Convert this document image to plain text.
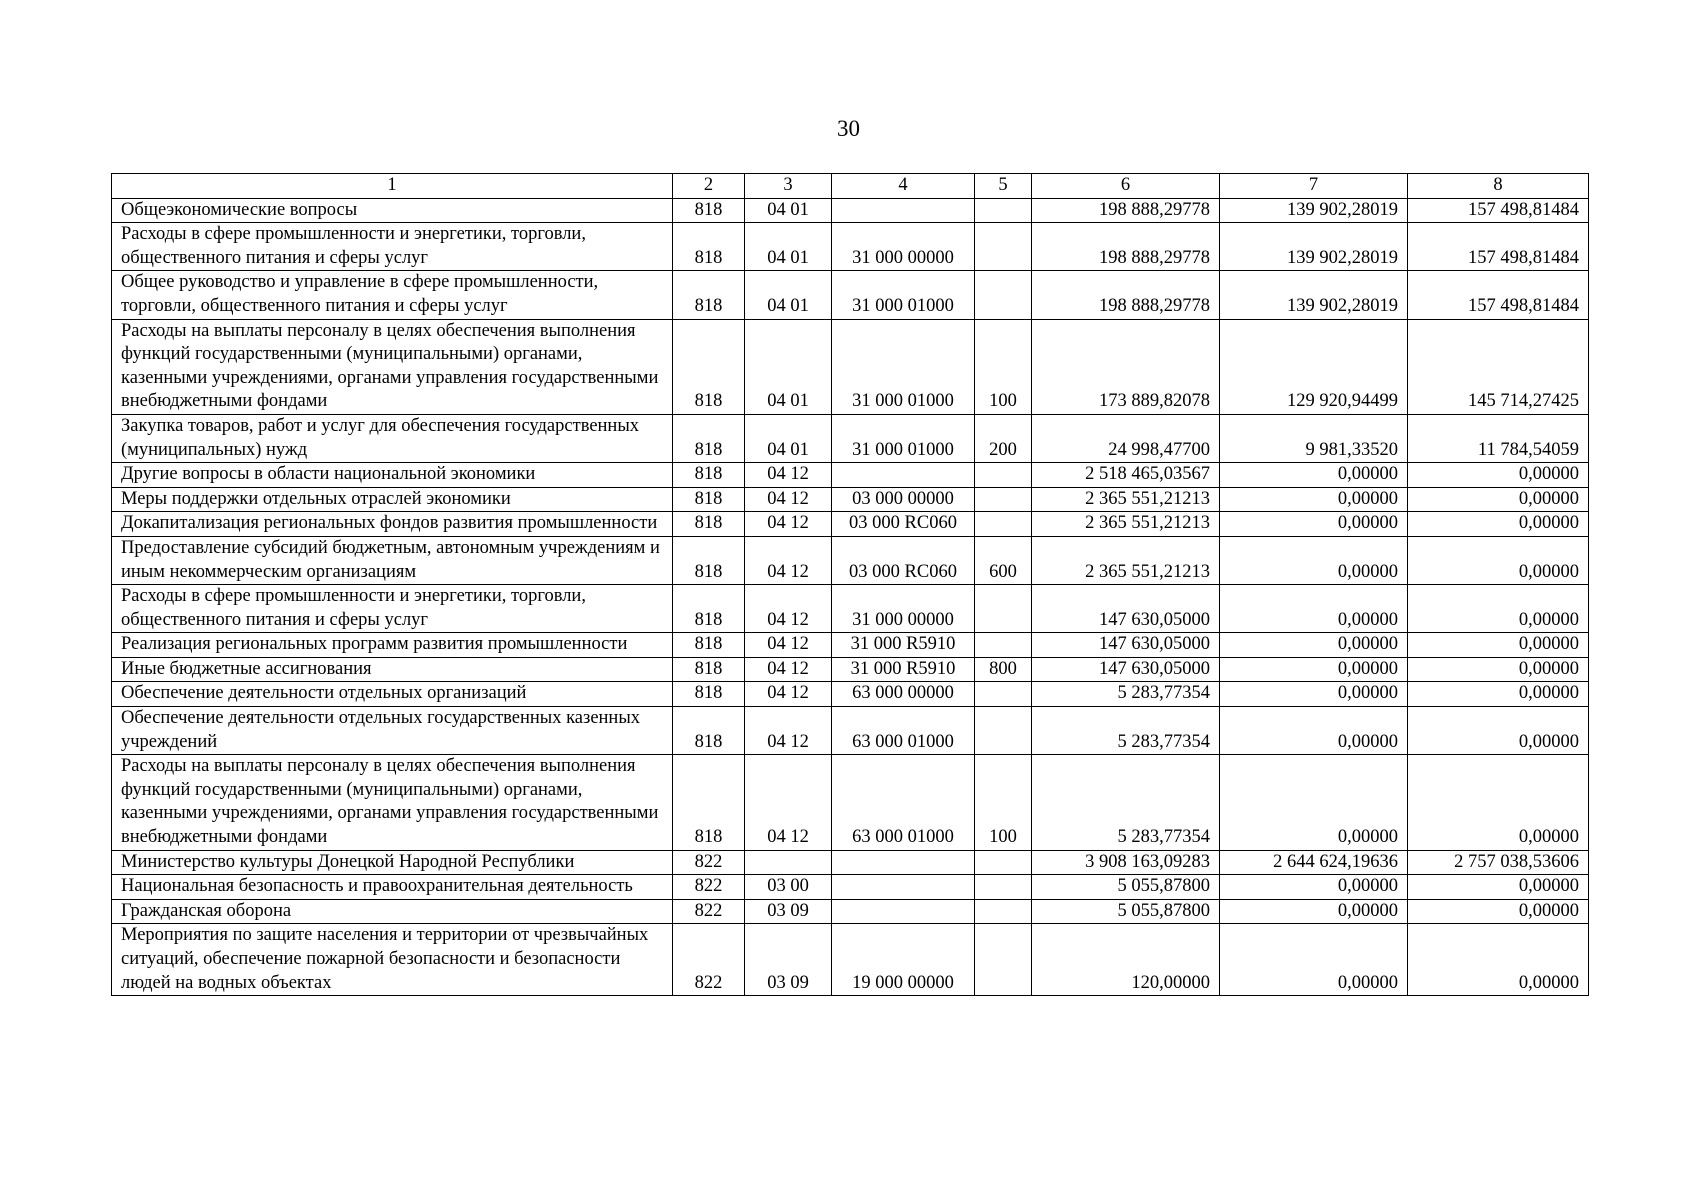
30
1	2	3	4	5	6	7	8
Общеэкономические вопросы	818	04 01			198 888,29778	139 902,28019	157 498,81484
Расходы в сфере промышленности и энергетики, торговли, общественного питания и сферы услуг	818	04 01	31 000 00000		198 888,29778	139 902,28019	157 498,81484
Общее руководство и управление в сфере промышленности, торговли, общественного питания и сферы услуг	818	04 01	31 000 01000		198 888,29778	139 902,28019	157 498,81484
Расходы на выплаты персоналу в целях обеспечения выполнения функций государственными (муниципальными) органами, казенными учреждениями, органами управления государственными внебюджетными фондами	818	04 01	31 000 01000	100	173 889,82078	129 920,94499	145 714,27425
Закупка товаров, работ и услуг для обеспечения государственных (муниципальных) нужд	818	04 01	31 000 01000	200	24 998,47700	9 981,33520	11 784,54059
Другие вопросы в области национальной экономики	818	04 12			2 518 465,03567	0,00000	0,00000
Меры поддержки отдельных отраслей экономики	818	04 12	03 000 00000		2 365 551,21213	0,00000	0,00000
Докапитализация региональных фондов развития промышленности	818	04 12	03 000 RC060		2 365 551,21213	0,00000	0,00000
Предоставление субсидий бюджетным, автономным учреждениям и иным некоммерческим организациям	818	04 12	03 000 RC060	600	2 365 551,21213	0,00000	0,00000
Расходы в сфере промышленности и энергетики, торговли, общественного питания и сферы услуг	818	04 12	31 000 00000		147 630,05000	0,00000	0,00000
Реализация региональных программ развития промышленности	818	04 12	31 000 R5910		147 630,05000	0,00000	0,00000
Иные бюджетные ассигнования	818	04 12	31 000 R5910	800	147 630,05000	0,00000	0,00000
Обеспечение деятельности отдельных организаций	818	04 12	63 000 00000		5 283,77354	0,00000	0,00000
Обеспечение деятельности отдельных государственных казенных учреждений	818	04 12	63 000 01000		5 283,77354	0,00000	0,00000
Расходы на выплаты персоналу в целях обеспечения выполнения функций государственными (муниципальными) органами, казенными учреждениями, органами управления государственными внебюджетными фондами	818	04 12	63 000 01000	100	5 283,77354	0,00000	0,00000
Министерство культуры Донецкой Народной Республики	822				3 908 163,09283	2 644 624,19636	2 757 038,53606
Национальная безопасность и правоохранительная деятельность	822	03 00			5 055,87800	0,00000	0,00000
Гражданская оборона	822	03 09			5 055,87800	0,00000	0,00000
Мероприятия по защите населения и территории от чрезвычайных ситуаций, обеспечение пожарной безопасности и безопасности людей на водных объектах	822	03 09	19 000 00000		120,00000	0,00000	0,00000
